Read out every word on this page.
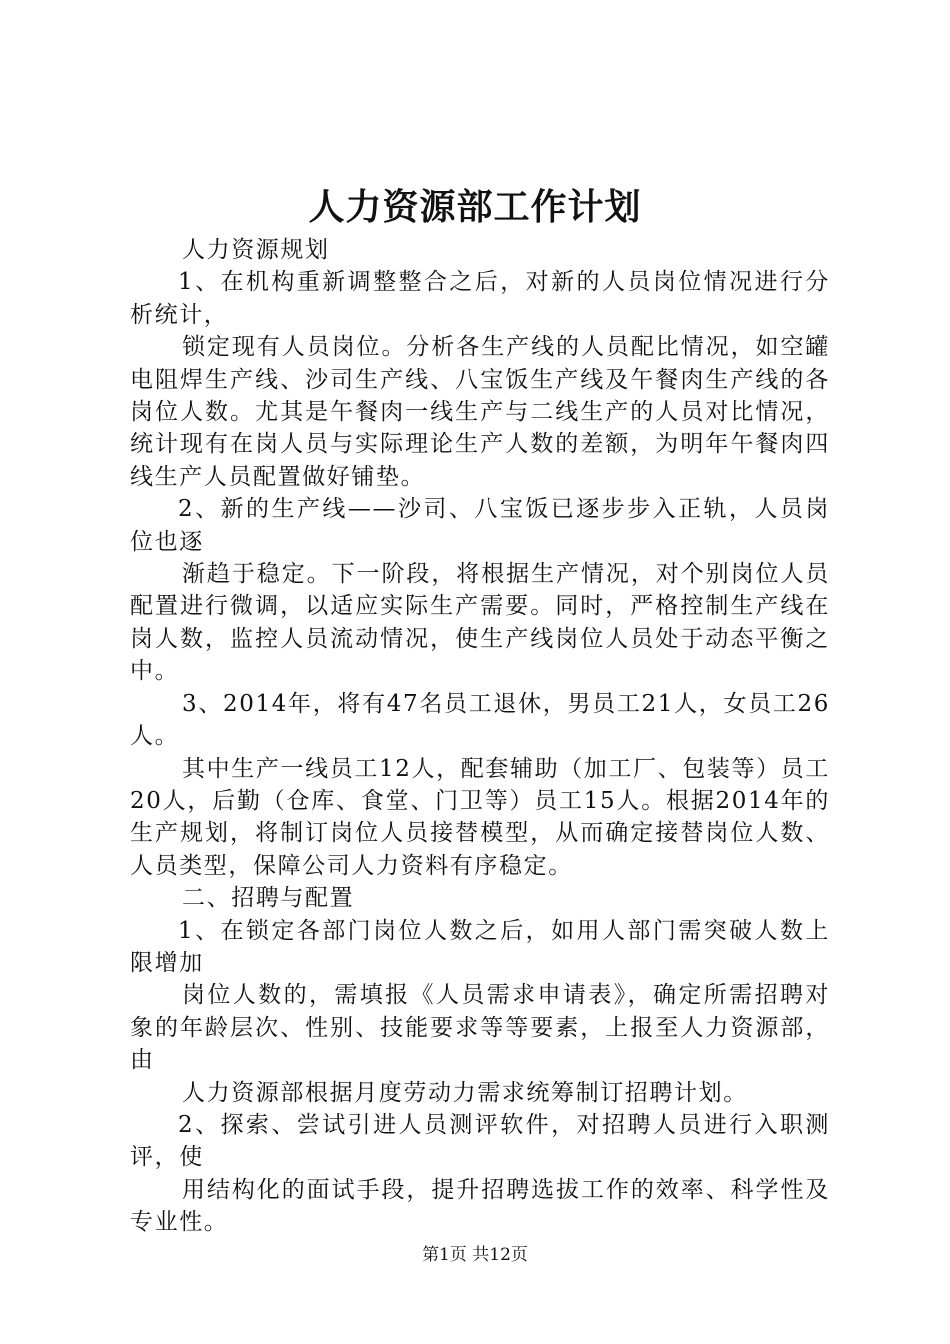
人力资源部工作计划

人力资源规划

1、在机构重新调整整合之后，对新的人员岗位情况进行分析统计，

锁定现有人员岗位。分析各生产线的人员配比情况，如空罐电阻焊生产线、沙司生产线、八宝饭生产线及午餐肉生产线的各岗位人数。尤其是午餐肉一线生产与二线生产的人员对比情况，统计现有在岗人员与实际理论生产人数的差额，为明年午餐肉四线生产人员配置做好铺垫。

2、新的生产线——沙司、八宝饭已逐步步入正轨，人员岗位也逐

渐趋于稳定。下一阶段，将根据生产情况，对个别岗位人员配置进行微调，以适应实际生产需要。同时，严格控制生产线在岗人数，监控人员流动情况，使生产线岗位人员处于动态平衡之中。

3、2014年，将有47名员工退休，男员工21人，女员工26人。

其中生产一线员工12人，配套辅助（加工厂、包装等）员工20人，后勤（仓库、食堂、门卫等）员工15人。根据2014年的生产规划，将制订岗位人员接替模型，从而确定接替岗位人数、人员类型，保障公司人力资料有序稳定。

二、招聘与配置

1、在锁定各部门岗位人数之后，如用人部门需突破人数上限增加

岗位人数的，需填报《人员需求申请表》，确定所需招聘对象的年龄层次、性别、技能要求等等要素，上报至人力资源部，由

人力资源部根据月度劳动力需求统筹制订招聘计划。

2、探索、尝试引进人员测评软件，对招聘人员进行入职测评，使

用结构化的面试手段，提升招聘选拔工作的效率、科学性及专业性。

第1页 共12页
